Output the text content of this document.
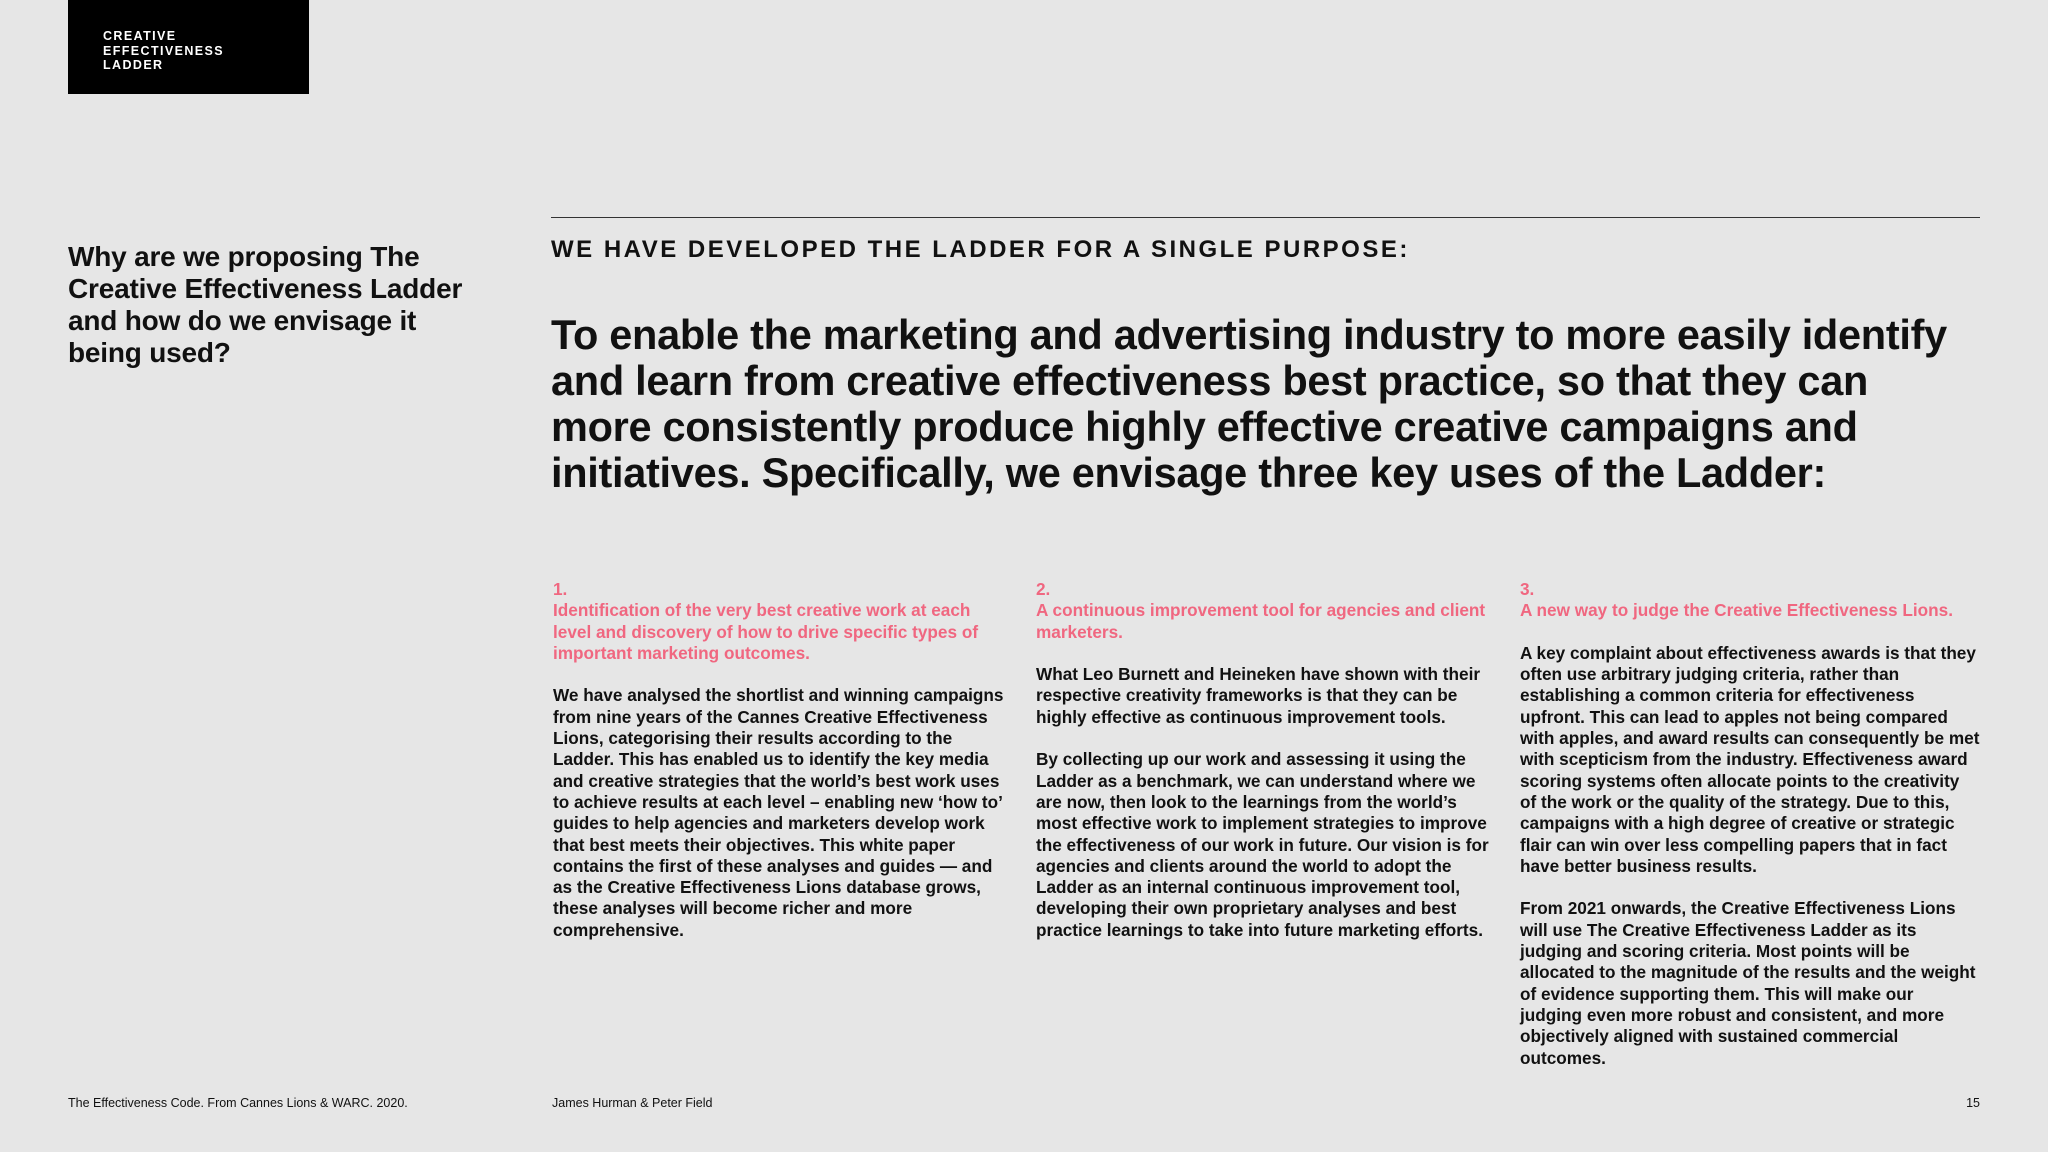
CREATIVE
EFFECTIVENESS
LADDER
Why are we proposing The Creative Effectiveness Ladder and how do we envisage it being used?
WE HAVE DEVELOPED THE LADDER FOR A SINGLE PURPOSE:
To enable the marketing and advertising industry to more easily identify and learn from creative effectiveness best practice, so that they can more consistently produce highly effective creative campaigns and initiatives. Specifically, we envisage three key uses of the Ladder:
1.
Identification of the very best creative work at each level and discovery of how to drive specific types of important marketing outcomes.

We have analysed the shortlist and winning campaigns from nine years of the Cannes Creative Effectiveness Lions, categorising their results according to the Ladder. This has enabled us to identify the key media and creative strategies that the world’s best work uses to achieve results at each level – enabling new ‘how to’ guides to help agencies and marketers develop work that best meets their objectives. This white paper contains the first of these analyses and guides — and as the Creative Effectiveness Lions database grows,

these analyses will become richer and more comprehensive.

2.
A continuous improvement tool for agencies and client marketers.

What Leo Burnett and Heineken have shown with their respective creativity frameworks is that they can be highly effective as continuous improvement tools.

By collecting up our work and assessing it using the Ladder as a benchmark, we can understand where we are now, then look to the learnings from the world’s most effective work to implement strategies to improve the effectiveness of our work in future. Our vision is for agencies and clients around the world to adopt the Ladder as an internal continuous improvement tool, developing their own proprietary analyses and best practice learnings to take into future marketing efforts.

3.
A new way to judge the Creative Effectiveness Lions.

A key complaint about effectiveness awards is that they often use arbitrary judging criteria, rather than establishing a common criteria for effectiveness upfront. This can lead to apples not being compared with apples, and award results can consequently be met with scepticism from the industry. Effectiveness award scoring systems often allocate points to the creativity of the work or the quality of the strategy. Due to this, campaigns with a high degree of creative or strategic flair can win over less compelling papers that in fact have better business results.

From 2021 onwards, the Creative Effectiveness Lions will use The Creative Effectiveness Ladder as its judging and scoring criteria. Most points will be allocated to the magnitude of the results and the weight of evidence supporting them. This will make our judging even more robust and consistent, and more objectively aligned with sustained commercial outcomes.

The Effectiveness Code. From Cannes Lions & WARC. 2020.	James Hurman & Peter Field	15
